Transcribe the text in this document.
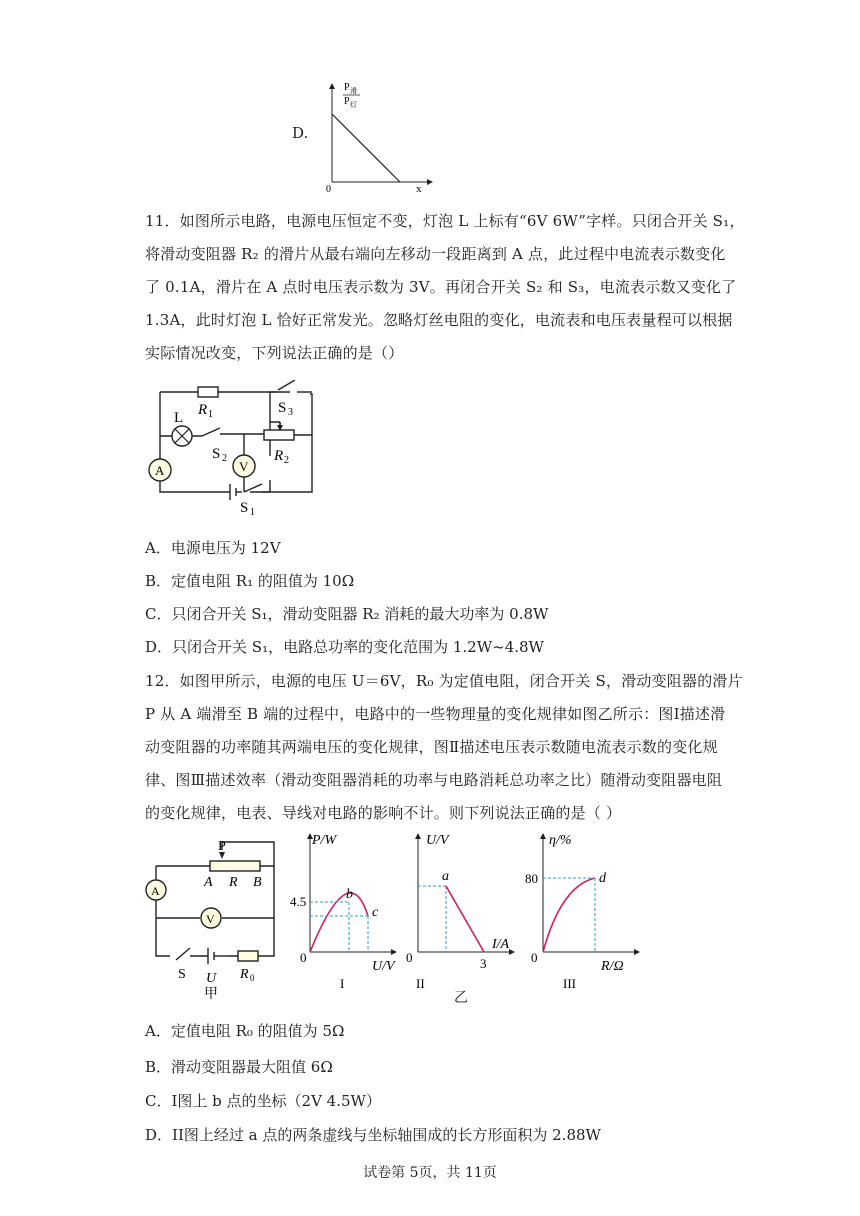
D.
P 滑
P 灯
0	x
11．如图所示电路，电源电压恒定不变，灯泡 L 上标有“6V 6W”字样。只闭合开关 S₁，
将滑动变阻器 R₂ 的滑片从最右端向左移动一段距离到 A 点，此过程中电流表示数变化
了 0.1A，滑片在 A 点时电压表示数为 3V。再闭合开关 S₂ 和 S₃，电流表示数又变化了
1.3A，此时灯泡 L 恰好正常发光。忽略灯丝电阻的变化，电流表和电压表量程可以根据
实际情况改变，下列说法正确的是（）
L R 1
S 2
S 3
R 2
A	V
S 1
A．电源电压为 12V
B．定值电阻 R₁ 的阻值为 10Ω
C．只闭合开关 S₁，滑动变阻器 R₂ 消耗的最大功率为 0.8W
D．只闭合开关 S₁，电路总功率的变化范围为 1.2W~4.8W
12．如图甲所示，电源的电压 U＝6V，R₀ 为定值电阻，闭合开关 S，滑动变阻器的滑片
P 从 A 端滑至 B 端的过程中，电路中的一些物理量的变化规律如图乙所示：图Ⅰ描述滑
动变阻器的功率随其两端电压的变化规律，图Ⅱ描述电压表示数随电流表示数的变化规
律、图Ⅲ描述效率（滑动变阻器消耗的功率与电路消耗总功率之比）随滑动变阻器电阻
的变化规律，电表、导线对电路的影响不计。则下列说法正确的是（ ）
P
A R B
A
V
S U R 0
甲
P/W
4.5
0
b
c
U/V
I
U/V
a
0	3
I/A
II
η/%
80	d
0
R/Ω
III
乙
A．定值电阻 R₀ 的阻值为 5Ω
B．滑动变阻器最大阻值 6Ω
C．I图上 b 点的坐标（2V 4.5W）
D．II图上经过 a 点的两条虚线与坐标轴围成的长方形面积为 2.88W
试卷第 5页，共 11页
